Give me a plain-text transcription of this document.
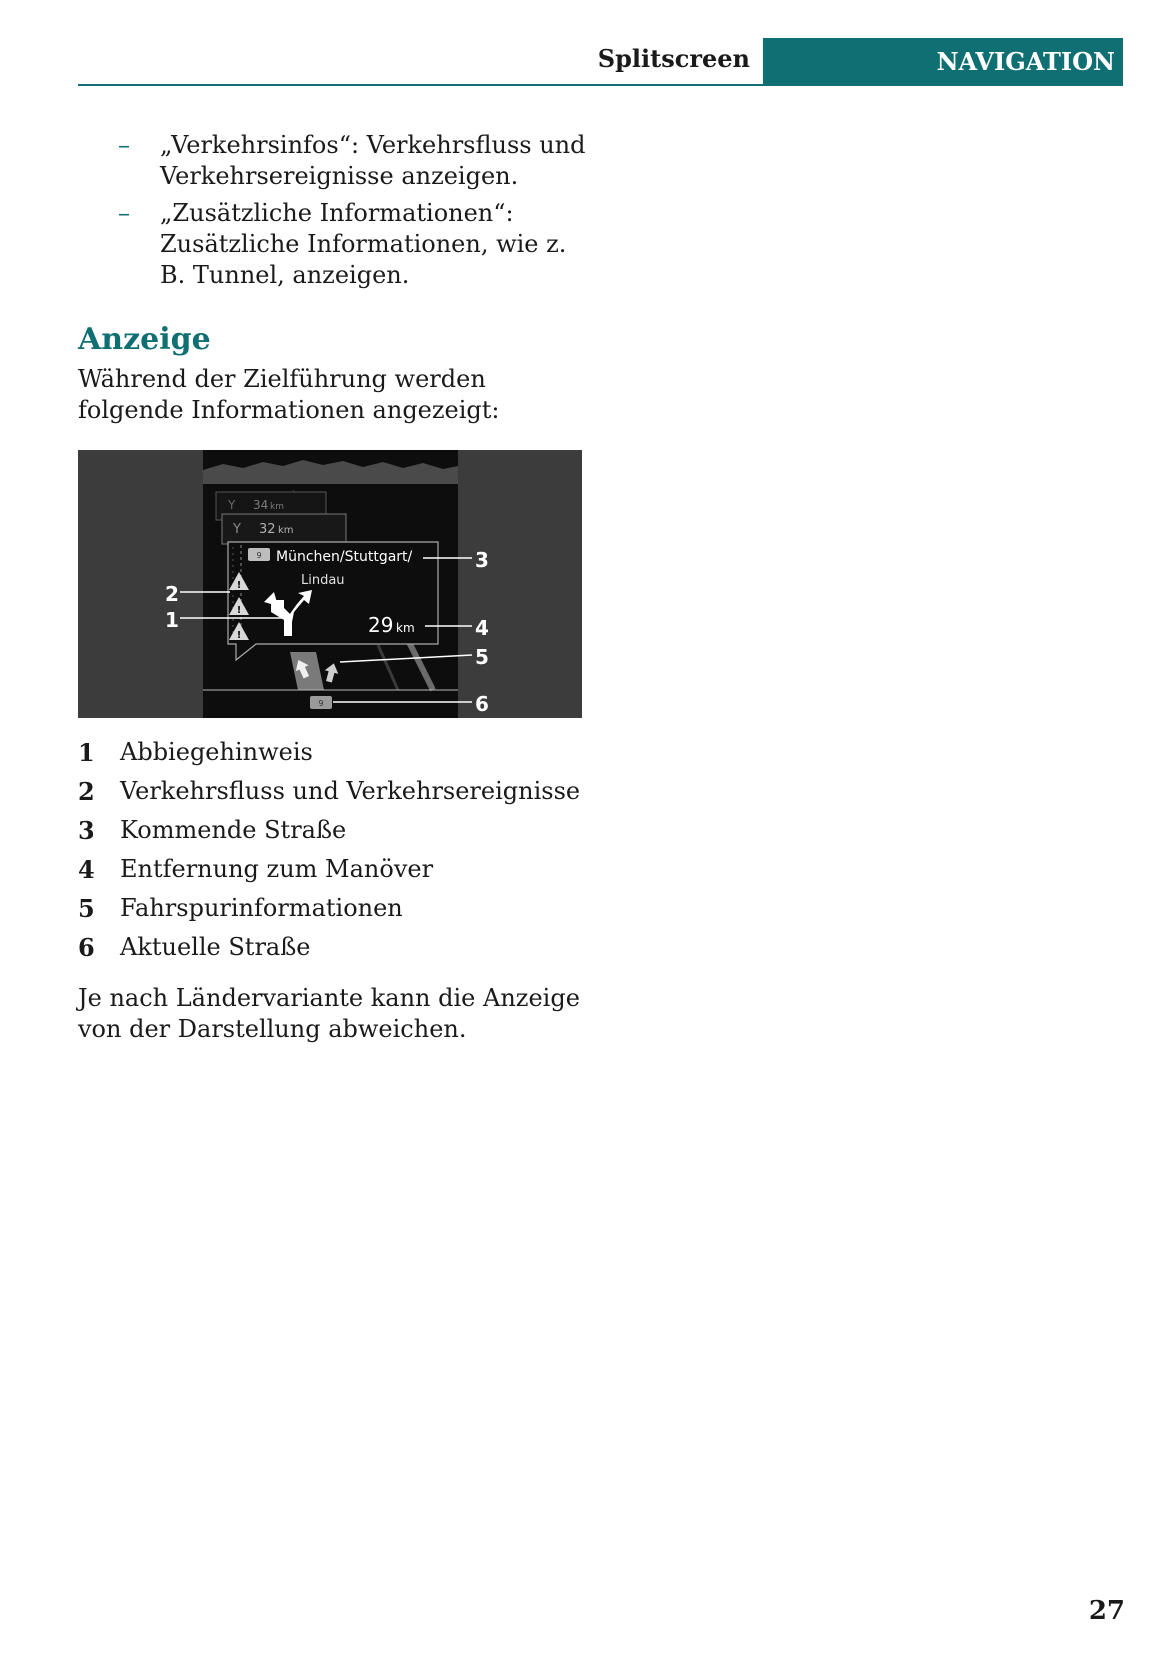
Splitscreen	NAVIGATION
– „Verkehrsinfos“: Verkehrsfluss und Verkehrsereignisse anzeigen.
– „Zusätzliche Informationen“: Zusätzliche Informationen, wie z. B. Tunnel, anzeigen.
Anzeige
Während der Zielführung werden folgende Informationen angezeigt:
Y 34 km
Y 32 km
9 München/Stuttgart/
Lindau
!
!
!	29 km
9
1
2
3
4
5
6
1	Abbiegehinweis
2	Verkehrsfluss und Verkehrsereignisse
3	Kommende Straße
4	Entfernung zum Manöver
5	Fahrspurinformationen
6	Aktuelle Straße
Je nach Ländervariante kann die Anzeige von der Darstellung abweichen.
27
